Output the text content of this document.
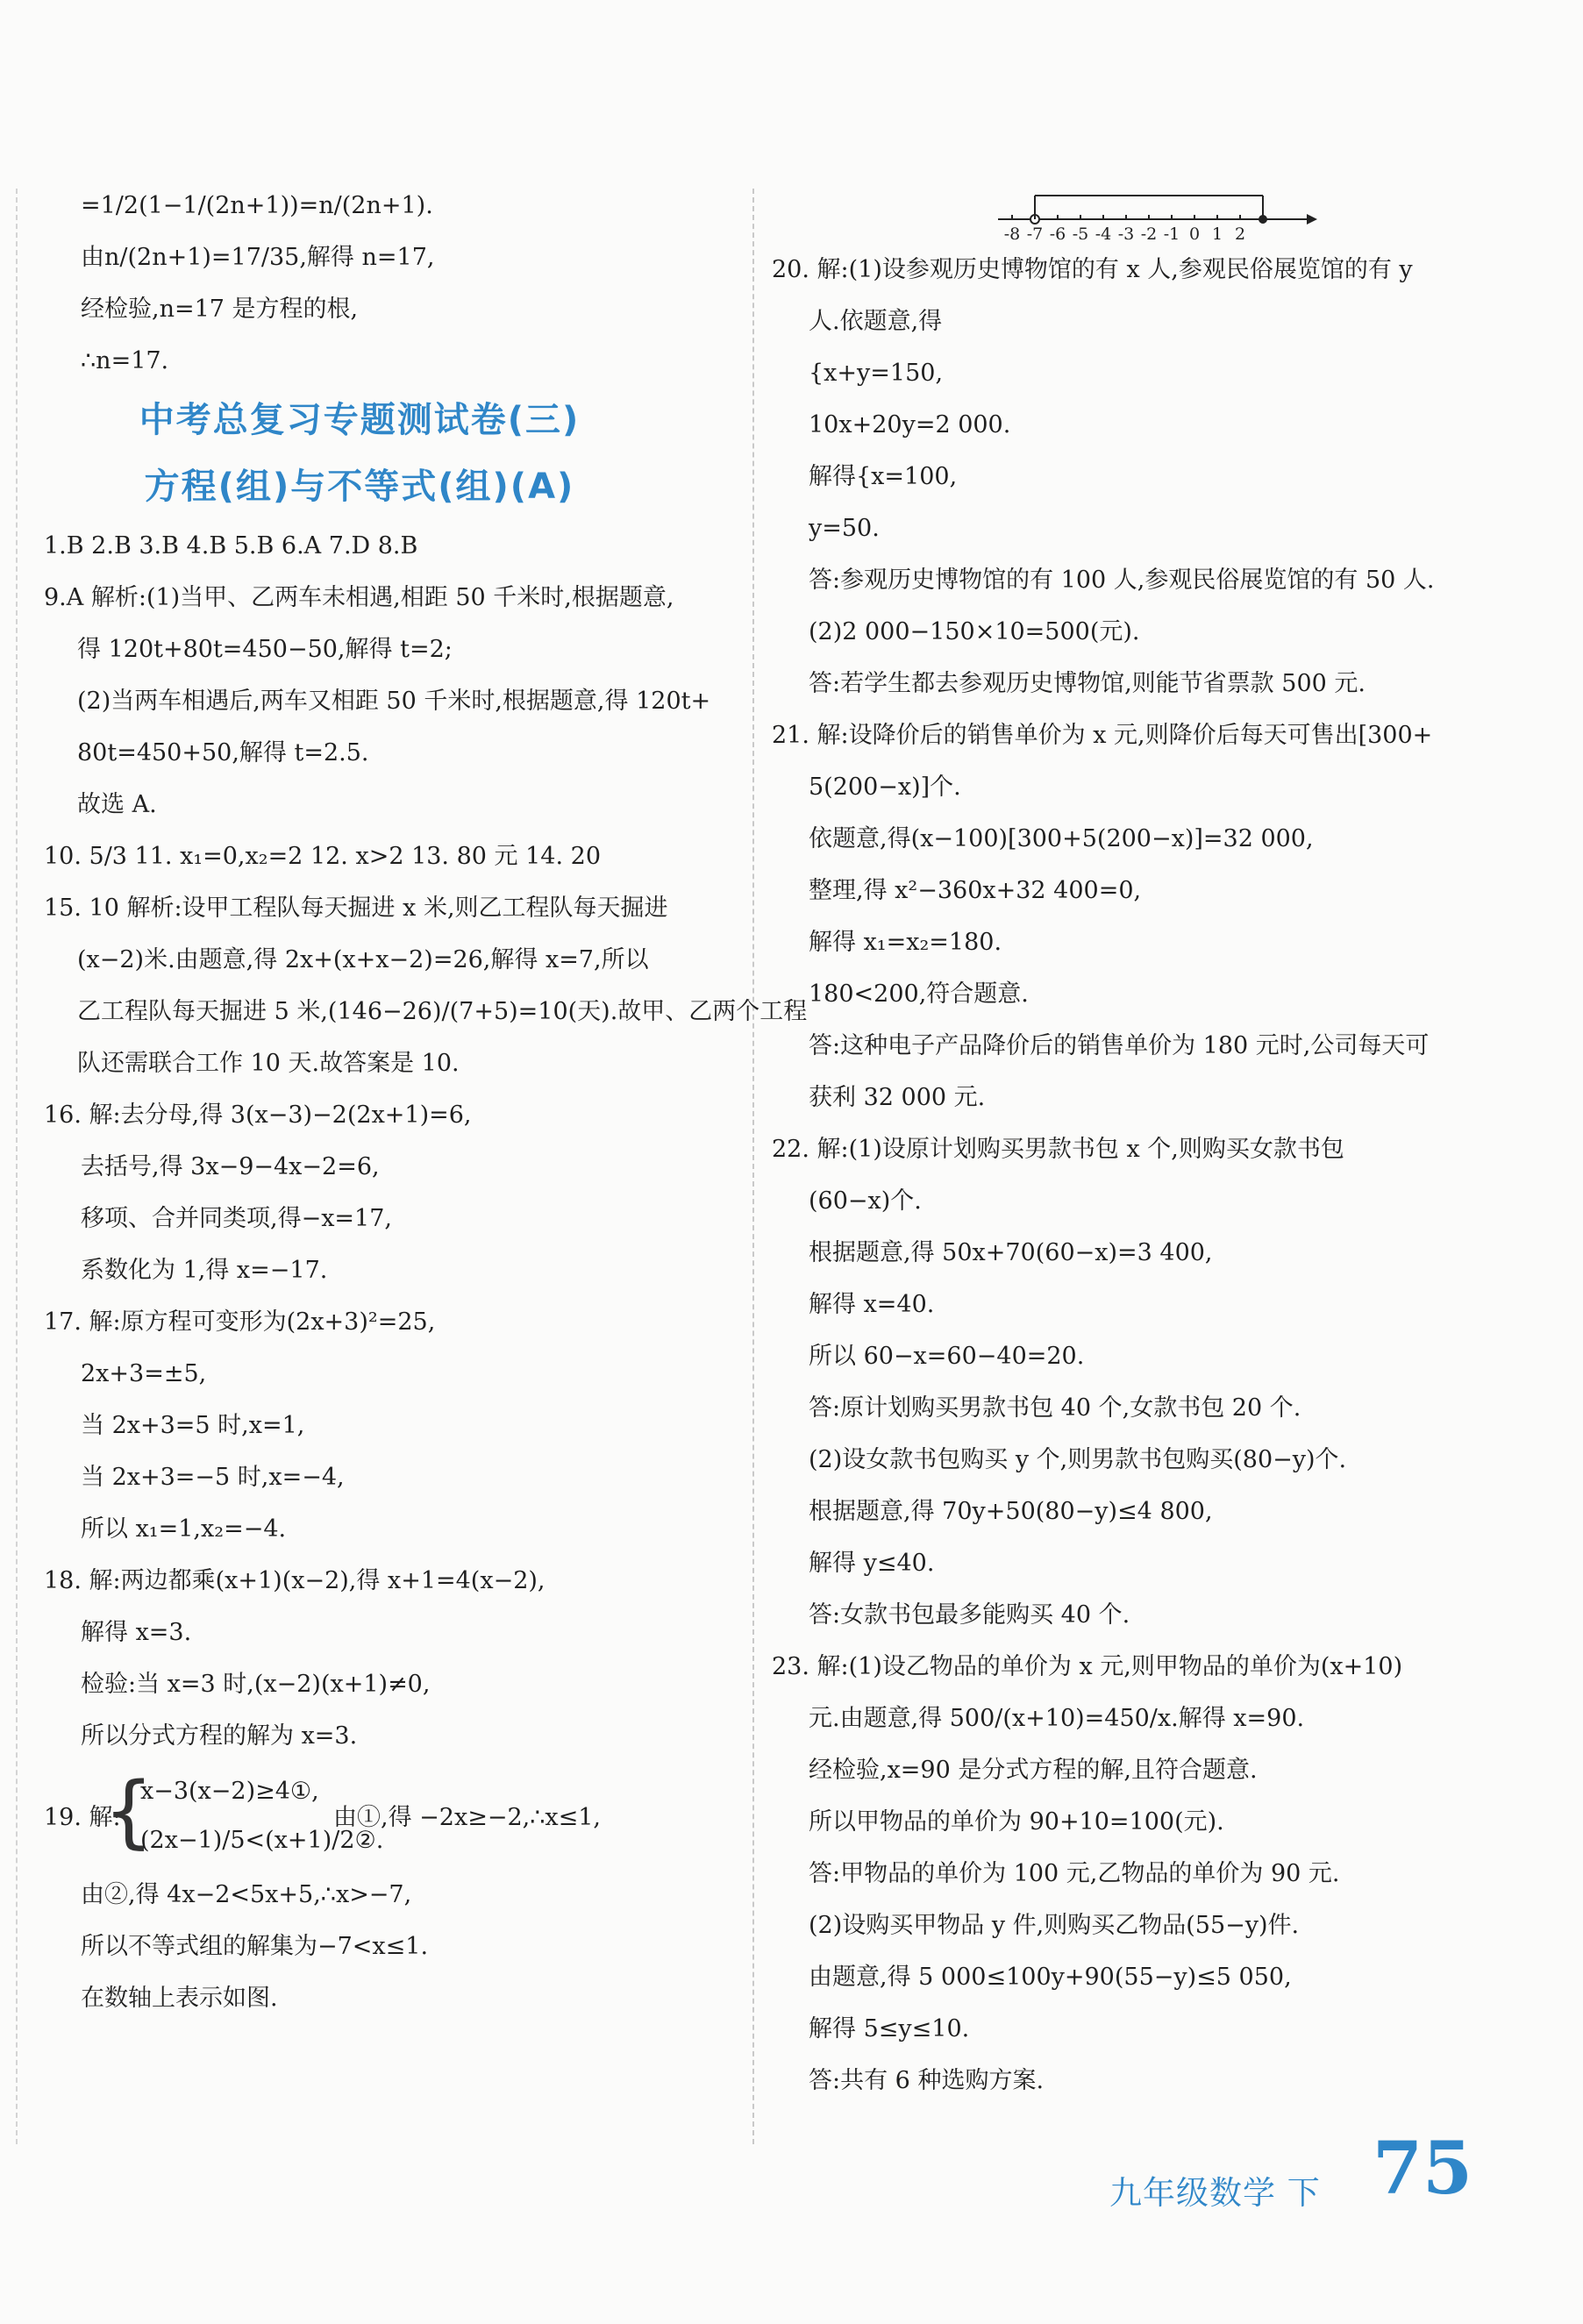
=1/2(1−1/(2n+1))=n/(2n+1).
由n/(2n+1)=17/35,解得 n=17,
经检验,n=17 是方程的根,
∴n=17.
中考总复习专题测试卷(三)
方程(组)与不等式(组)(A)
1.B 2.B 3.B 4.B 5.B 6.A 7.D 8.B
9.A 解析:(1)当甲、乙两车未相遇,相距 50 千米时,根据题意,
得 120t+80t=450−50,解得 t=2;
(2)当两车相遇后,两车又相距 50 千米时,根据题意,得 120t+
80t=450+50,解得 t=2.5.
故选 A.
10. 5/3 11. x₁=0,x₂=2 12. x>2 13. 80 元 14. 20
15. 10 解析:设甲工程队每天掘进 x 米,则乙工程队每天掘进
(x−2)米.由题意,得 2x+(x+x−2)=26,解得 x=7,所以
乙工程队每天掘进 5 米,(146−26)/(7+5)=10(天).故甲、乙两个工程
队还需联合工作 10 天.故答案是 10.
16. 解:去分母,得 3(x−3)−2(2x+1)=6,
去括号,得 3x−9−4x−2=6,
移项、合并同类项,得−x=17,
系数化为 1,得 x=−17.
17. 解:原方程可变形为(2x+3)²=25,
2x+3=±5,
当 2x+3=5 时,x=1,
当 2x+3=−5 时,x=−4,
所以 x₁=1,x₂=−4.
18. 解:两边都乘(x+1)(x−2),得 x+1=4(x−2),
解得 x=3.
检验:当 x=3 时,(x−2)(x+1)≠0,
所以分式方程的解为 x=3.
19. 解:
{
x−3(x−2)≥4①,
(2x−1)/5<(x+1)/2②.
由①,得 −2x≥−2,∴x≤1,
由②,得 4x−2<5x+5,∴x>−7,
所以不等式组的解集为−7<x≤1.
在数轴上表示如图.
-8 -7 -6 -5 -4 -3 -2 -1 0 1 2
20. 解:(1)设参观历史博物馆的有 x 人,参观民俗展览馆的有 y
人.依题意,得
{x+y=150,
10x+20y=2 000.
解得{x=100,
y=50.
答:参观历史博物馆的有 100 人,参观民俗展览馆的有 50 人.
(2)2 000−150×10=500(元).
答:若学生都去参观历史博物馆,则能节省票款 500 元.
21. 解:设降价后的销售单价为 x 元,则降价后每天可售出[300+
5(200−x)]个.
依题意,得(x−100)[300+5(200−x)]=32 000,
整理,得 x²−360x+32 400=0,
解得 x₁=x₂=180.
180<200,符合题意.
答:这种电子产品降价后的销售单价为 180 元时,公司每天可
获利 32 000 元.
22. 解:(1)设原计划购买男款书包 x 个,则购买女款书包
(60−x)个.
根据题意,得 50x+70(60−x)=3 400,
解得 x=40.
所以 60−x=60−40=20.
答:原计划购买男款书包 40 个,女款书包 20 个.
(2)设女款书包购买 y 个,则男款书包购买(80−y)个.
根据题意,得 70y+50(80−y)≤4 800,
解得 y≤40.
答:女款书包最多能购买 40 个.
23. 解:(1)设乙物品的单价为 x 元,则甲物品的单价为(x+10)
元.由题意,得 500/(x+10)=450/x.解得 x=90.
经检验,x=90 是分式方程的解,且符合题意.
所以甲物品的单价为 90+10=100(元).
答:甲物品的单价为 100 元,乙物品的单价为 90 元.
(2)设购买甲物品 y 件,则购买乙物品(55−y)件.
由题意,得 5 000≤100y+90(55−y)≤5 050,
解得 5≤y≤10.
答:共有 6 种选购方案.
九年级数学 下 75
